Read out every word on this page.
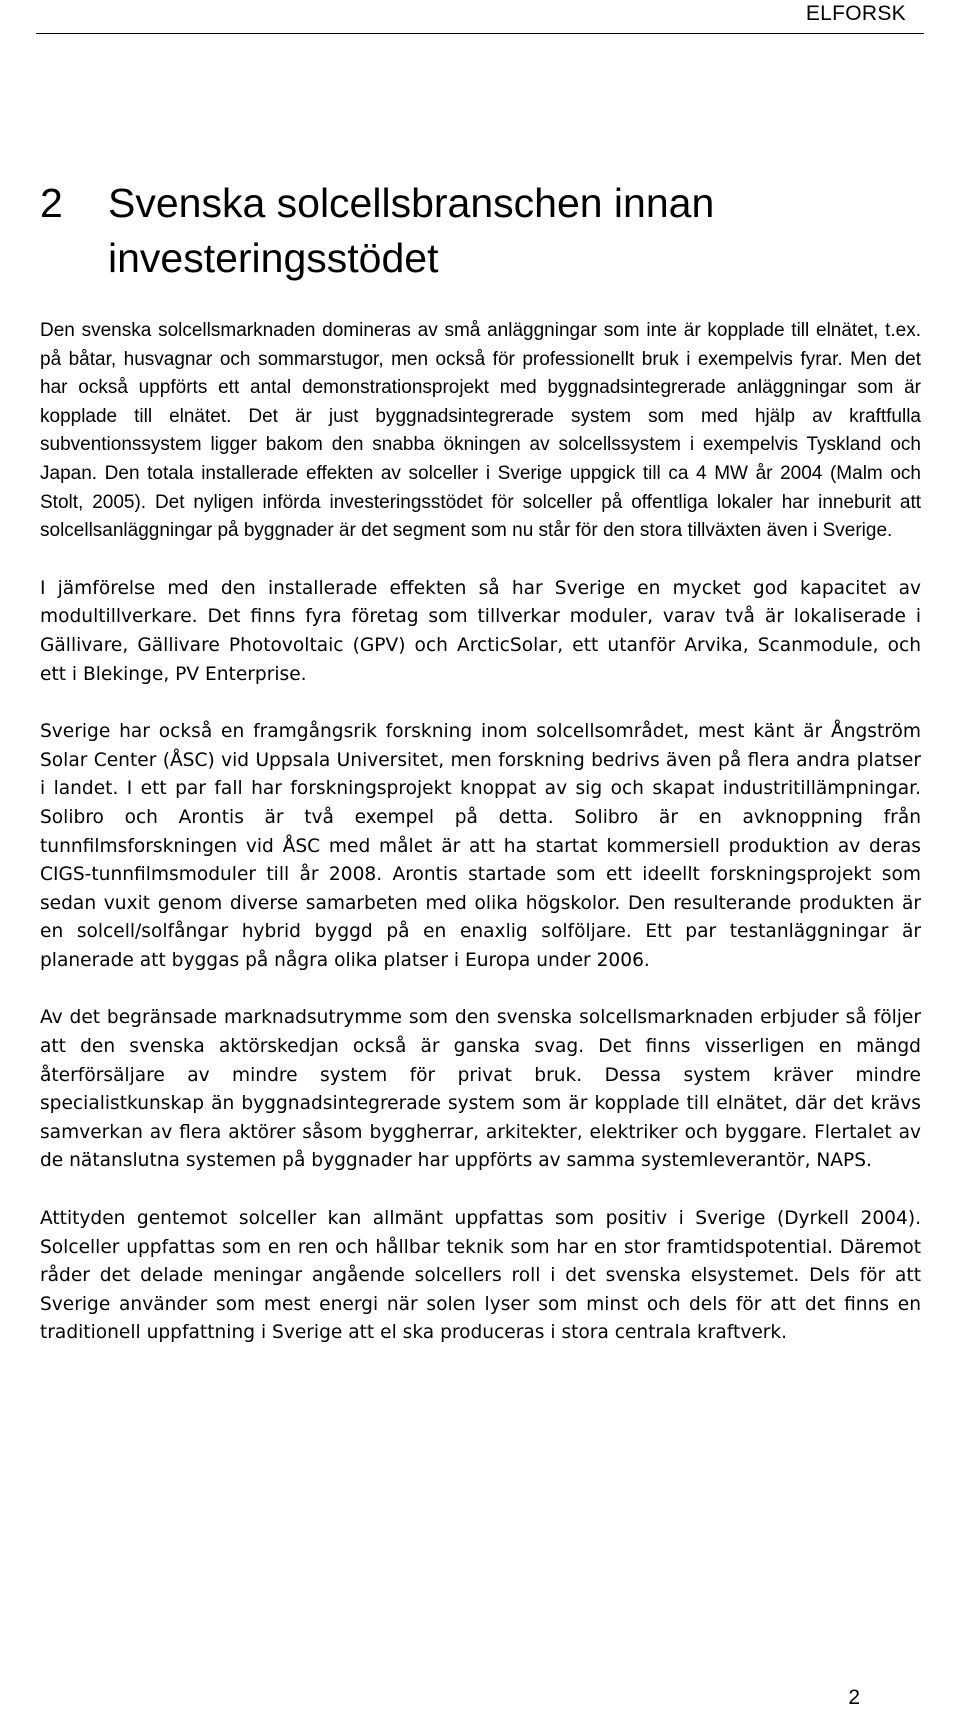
ELFORSK
2	Svenska solcellsbranschen innan investeringsstödet

Den svenska solcellsmarknaden domineras av små anläggningar som inte är kopplade till elnätet, t.ex. på båtar, husvagnar och sommarstugor, men också för professionellt bruk i exempelvis fyrar. Men det har också uppförts ett antal demonstrationsprojekt med byggnadsintegrerade anläggningar som är kopplade till elnätet. Det är just byggnadsintegrerade system som med hjälp av kraftfulla subventionssystem ligger bakom den snabba ökningen av solcellssystem i exempelvis Tyskland och Japan. Den totala installerade effekten av solceller i Sverige uppgick till ca 4 MW år 2004 (Malm och Stolt, 2005). Det nyligen införda investeringsstödet för solceller på offentliga lokaler har inneburit att solcellsanläggningar på byggnader är det segment som nu står för den stora tillväxten även i Sverige.

I jämförelse med den installerade effekten så har Sverige en mycket god kapacitet av modultillverkare. Det finns fyra företag som tillverkar moduler, varav två är lokaliserade i Gällivare, Gällivare Photovoltaic (GPV) och ArcticSolar, ett utanför Arvika, Scanmodule, och ett i Blekinge, PV Enterprise.

Sverige har också en framgångsrik forskning inom solcellsområdet, mest känt är Ångström Solar Center (ÅSC) vid Uppsala Universitet, men forskning bedrivs även på flera andra platser i landet. I ett par fall har forskningsprojekt knoppat av sig och skapat industritillämpningar. Solibro och Arontis är två exempel på detta. Solibro är en avknoppning från tunnfilmsforskningen vid ÅSC med målet är att ha startat kommersiell produktion av deras CIGS-tunnfilmsmoduler till år 2008. Arontis startade som ett ideellt forskningsprojekt som sedan vuxit genom diverse samarbeten med olika högskolor. Den resulterande produkten är en solcell/solfångar hybrid byggd på en enaxlig solföljare. Ett par testanläggningar är planerade att byggas på några olika platser i Europa under 2006.

Av det begränsade marknadsutrymme som den svenska solcellsmarknaden erbjuder så följer att den svenska aktörskedjan också är ganska svag. Det finns visserligen en mängd återförsäljare av mindre system för privat bruk. Dessa system kräver mindre specialistkunskap än byggnadsintegrerade system som är kopplade till elnätet, där det krävs samverkan av flera aktörer såsom byggherrar, arkitekter, elektriker och byggare. Flertalet av de nätanslutna systemen på byggnader har uppförts av samma systemleverantör, NAPS.

Attityden gentemot solceller kan allmänt uppfattas som positiv i Sverige (Dyrkell 2004). Solceller uppfattas som en ren och hållbar teknik som har en stor framtidspotential. Däremot råder det delade meningar angående solcellers roll i det svenska elsystemet. Dels för att Sverige använder som mest energi när solen lyser som minst och dels för att det finns en traditionell uppfattning i Sverige att el ska produceras i stora centrala kraftverk.

2
